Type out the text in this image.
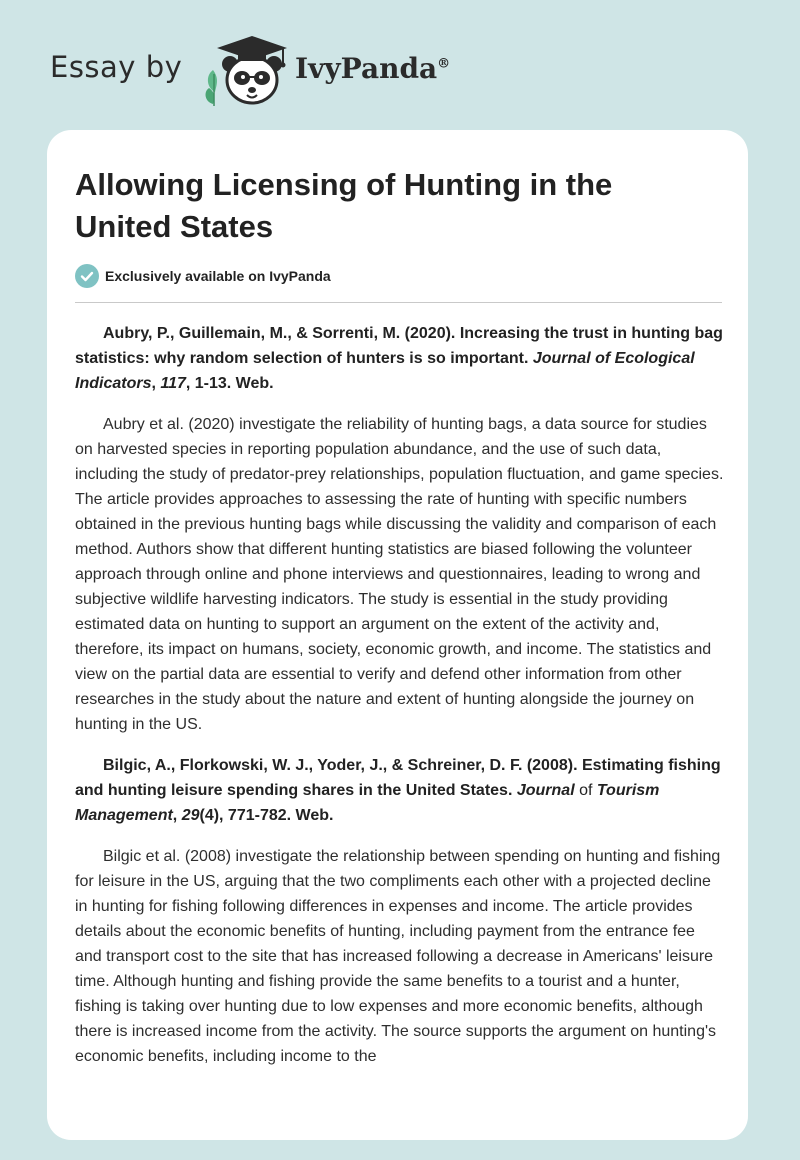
Essay by	IvyPanda®
Allowing Licensing of Hunting in the United States
Exclusively available on IvyPanda

Aubry, P., Guillemain, M., & Sorrenti, M. (2020). Increasing the trust in hunting bag statistics: why random selection of hunters is so important. Journal of Ecological Indicators, 117, 1-13. Web.

Aubry et al. (2020) investigate the reliability of hunting bags, a data source for studies on harvested species in reporting population abundance, and the use of such data, including the study of predator-prey relationships, population fluctuation, and game species. The article provides approaches to assessing the rate of hunting with specific numbers obtained in the previous hunting bags while discussing the validity and comparison of each method. Authors show that different hunting statistics are biased following the volunteer approach through online and phone interviews and questionnaires, leading to wrong and subjective wildlife harvesting indicators. The study is essential in the study providing estimated data on hunting to support an argument on the extent of the activity and, therefore, its impact on humans, society, economic growth, and income. The statistics and view on the partial data are essential to verify and defend other information from other researches in the study about the nature and extent of hunting alongside the journey on hunting in the US.

Bilgic, A., Florkowski, W. J., Yoder, J., & Schreiner, D. F. (2008). Estimating fishing and hunting leisure spending shares in the United States. Journal of Tourism Management, 29(4), 771-782. Web.

Bilgic et al. (2008) investigate the relationship between spending on hunting and fishing for leisure in the US, arguing that the two compliments each other with a projected decline in hunting for fishing following differences in expenses and income. The article provides details about the economic benefits of hunting, including payment from the entrance fee and transport cost to the site that has increased following a decrease in Americans' leisure time. Although hunting and fishing provide the same benefits to a tourist and a hunter, fishing is taking over hunting due to low expenses and more economic benefits, although there is increased income from the activity. The source supports the argument on hunting's economic benefits, including income to the
